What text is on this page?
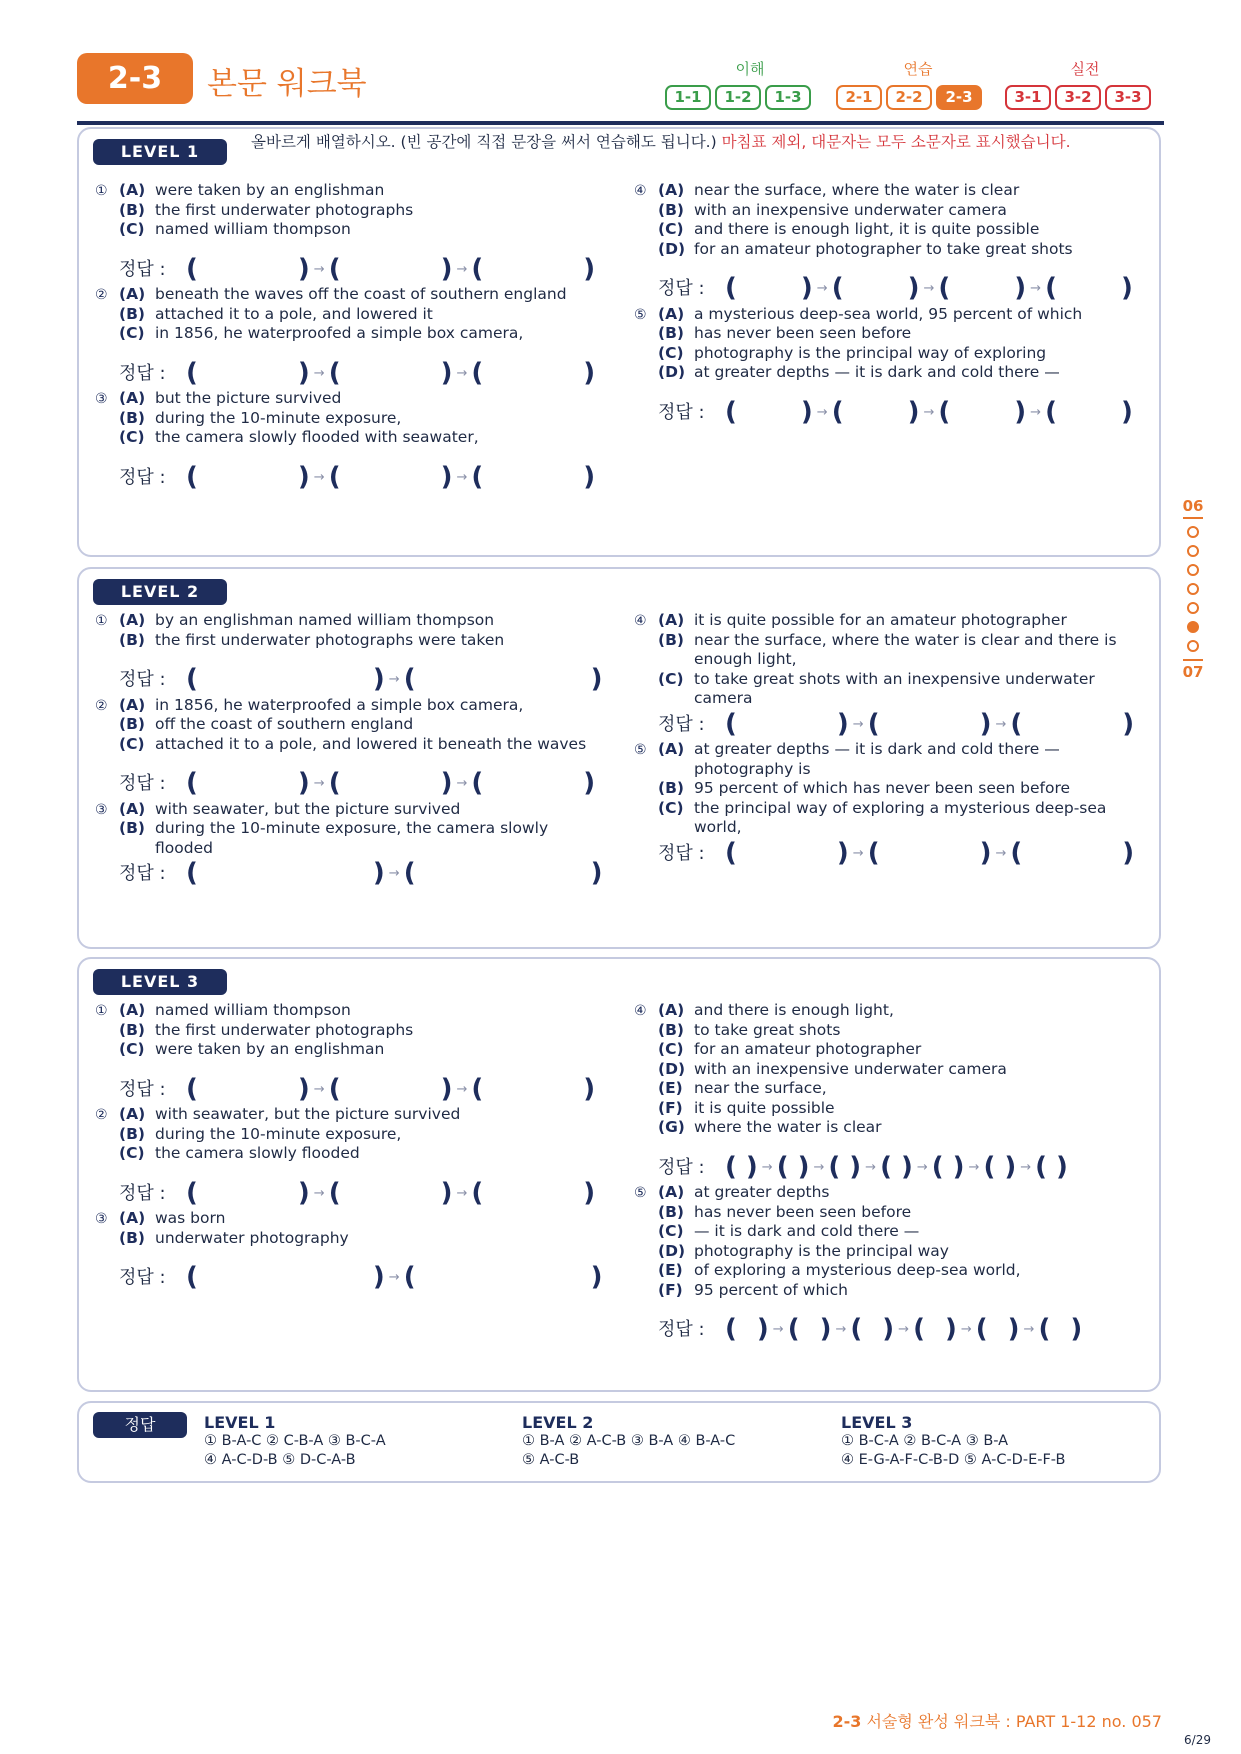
2-3	본문 워크북	이해	연습	실전
1-1	1-2	1-3	2-1	2-2	2-3	3-1	3-2	3-3
LEVEL 1	올바르게 배열하시오. (빈 공간에 직접 문장을 써서 연습해도 됩니다.) 마침표 제외, 대문자는 모두 소문자로 표시했습니다.
① (A) were taken by an englishman
(B) the first underwater photographs
(C) named william thompson
정답 : (	) → (	) → (	)
② (A) beneath the waves off the coast of southern england
(B) attached it to a pole, and lowered it
(C) in 1856, he waterproofed a simple box camera,
정답 : (	) → (	) → (	)
③ (A) but the picture survived
(B) during the 10-minute exposure,
(C) the camera slowly flooded with seawater,
정답 : (	) → (	) → (	)
④ (A) near the surface, where the water is clear
(B) with an inexpensive underwater camera
(C) and there is enough light, it is quite possible
(D) for an amateur photographer to take great shots
정답 : ( ) → ( ) → ( ) → ( )
⑤ (A) a mysterious deep-sea world, 95 percent of which
(B) has never been seen before
(C) photography is the principal way of exploring
(D) at greater depths — it is dark and cold there —
정답 : ( ) → ( ) → ( ) → ( )
LEVEL 2
① (A) by an englishman named william thompson
(B) the first underwater photographs were taken
정답 : (	) → (	)
② (A) in 1856, he waterproofed a simple box camera,
(B) off the coast of southern england
(C) attached it to a pole, and lowered it beneath the waves
정답 : (	) → (	) → (	)
③ (A) with seawater, but the picture survived
(B) during the 10-minute exposure, the camera slowly flooded
정답 : (	) → (	)
④ (A) it is quite possible for an amateur photographer
(B) near the surface, where the water is clear and there is enough light,
(C) to take great shots with an inexpensive underwater camera
정답 : (	) → (	) → (	)
⑤ (A) at greater depths — it is dark and cold there — photography is
(B) 95 percent of which has never been seen before
(C) the principal way of exploring a mysterious deep-sea world,
정답 : (	) → (	) → (	)
LEVEL 3
① (A) named william thompson
(B) the first underwater photographs
(C) were taken by an englishman
정답 : (	) → (	) → (	)
② (A) with seawater, but the picture survived
(B) during the 10-minute exposure,
(C) the camera slowly flooded
정답 : (	) → (	) → (	)
③ (A) was born
(B) underwater photography
정답 : (	) → (	)
④ (A) and there is enough light,
(B) to take great shots
(C) for an amateur photographer
(D) with an inexpensive underwater camera
(E) near the surface,
(F) it is quite possible
(G) where the water is clear
정답 : ( ) → ( ) → ( ) → ( ) → ( ) → ( ) → ( )
⑤ (A) at greater depths
(B) has never been seen before
(C) — it is dark and cold there —
(D) photography is the principal way
(E) of exploring a mysterious deep-sea world,
(F) 95 percent of which
정답 : ( ) → ( ) → ( ) → ( ) → ( ) → ( )
정답	LEVEL 1
① B-A-C ② C-B-A ③ B-C-A
④ A-C-D-B ⑤ D-C-A-B
LEVEL 2
① B-A ② A-C-B ③ B-A ④ B-A-C
⑤ A-C-B
LEVEL 3
① B-C-A ② B-C-A ③ B-A
④ E-G-A-F-C-B-D ⑤ A-C-D-E-F-B
06
07
2-3 서술형 완성 워크북 : PART 1-12 no. 057
6/29
